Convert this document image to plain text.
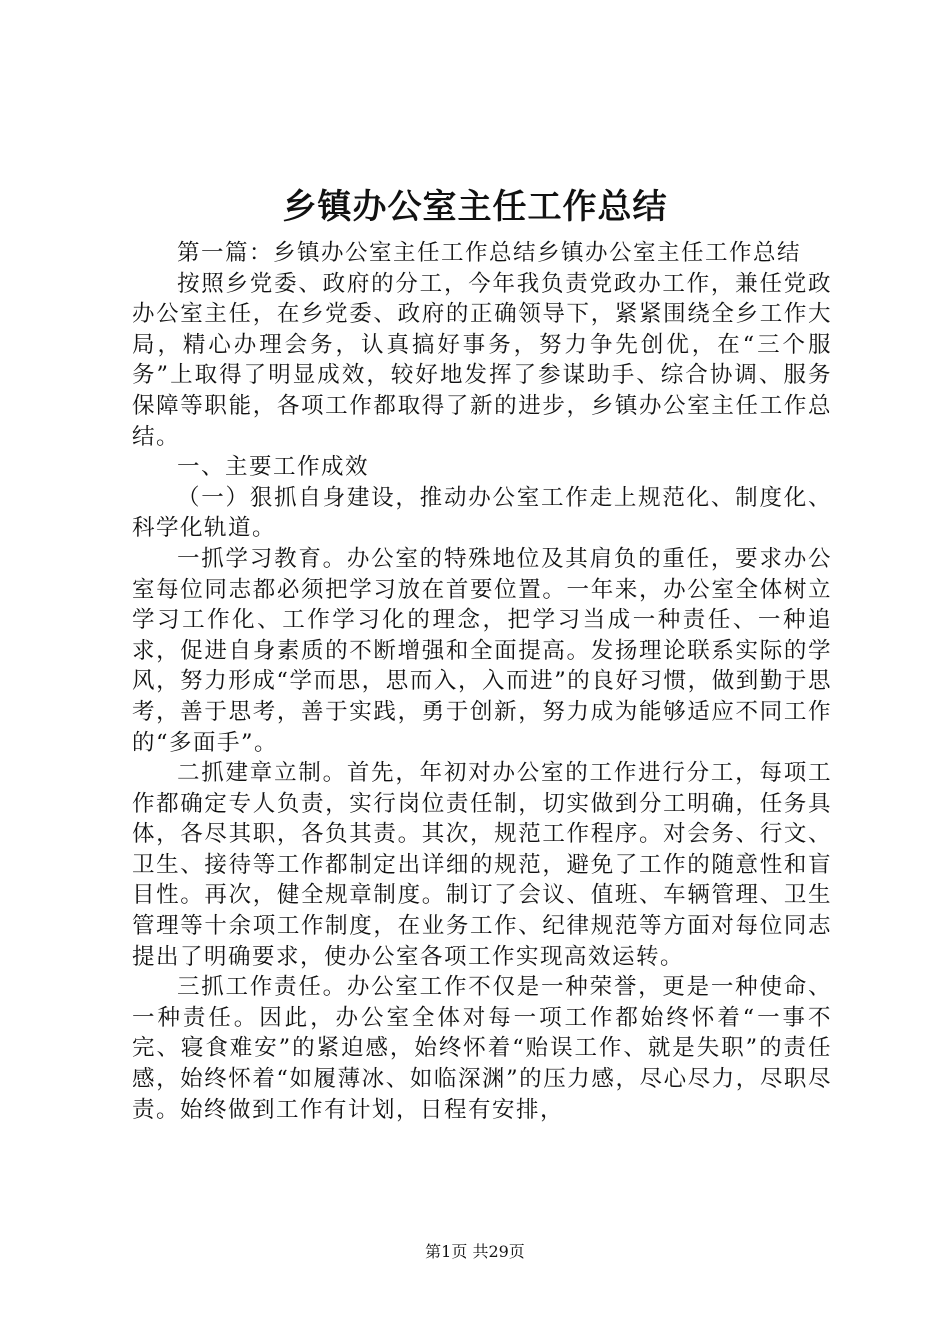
乡镇办公室主任工作总结

第一篇：乡镇办公室主任工作总结乡镇办公室主任工作总结

按照乡党委、政府的分工，今年我负责党政办工作，兼任党政办公室主任，在乡党委、政府的正确领导下，紧紧围绕全乡工作大局，精心办理会务，认真搞好事务，努力争先创优，在“三个服务”上取得了明显成效，较好地发挥了参谋助手、综合协调、服务保障等职能，各项工作都取得了新的进步，乡镇办公室主任工作总结。

一、主要工作成效

（一）狠抓自身建设，推动办公室工作走上规范化、制度化、科学化轨道。

一抓学习教育。办公室的特殊地位及其肩负的重任，要求办公室每位同志都必须把学习放在首要位置。一年来，办公室全体树立学习工作化、工作学习化的理念，把学习当成一种责任、一种追求，促进自身素质的不断增强和全面提高。发扬理论联系实际的学风，努力形成“学而思，思而入，入而进”的良好习惯，做到勤于思考，善于思考，善于实践，勇于创新，努力成为能够适应不同工作的“多面手”。

二抓建章立制。首先，年初对办公室的工作进行分工，每项工作都确定专人负责，实行岗位责任制，切实做到分工明确，任务具体，各尽其职，各负其责。其次，规范工作程序。对会务、行文、卫生、接待等工作都制定出详细的规范，避免了工作的随意性和盲目性。再次，健全规章制度。制订了会议、值班、车辆管理、卫生管理等十余项工作制度，在业务工作、纪律规范等方面对每位同志提出了明确要求，使办公室各项工作实现高效运转。

三抓工作责任。办公室工作不仅是一种荣誉，更是一种使命、一种责任。因此，办公室全体对每一项工作都始终怀着“一事不完、寝食难安”的紧迫感，始终怀着“贻误工作、就是失职”的责任感，始终怀着“如履薄冰、如临深渊”的压力感，尽心尽力，尽职尽责。始终做到工作有计划，日程有安排，

第1页 共29页
